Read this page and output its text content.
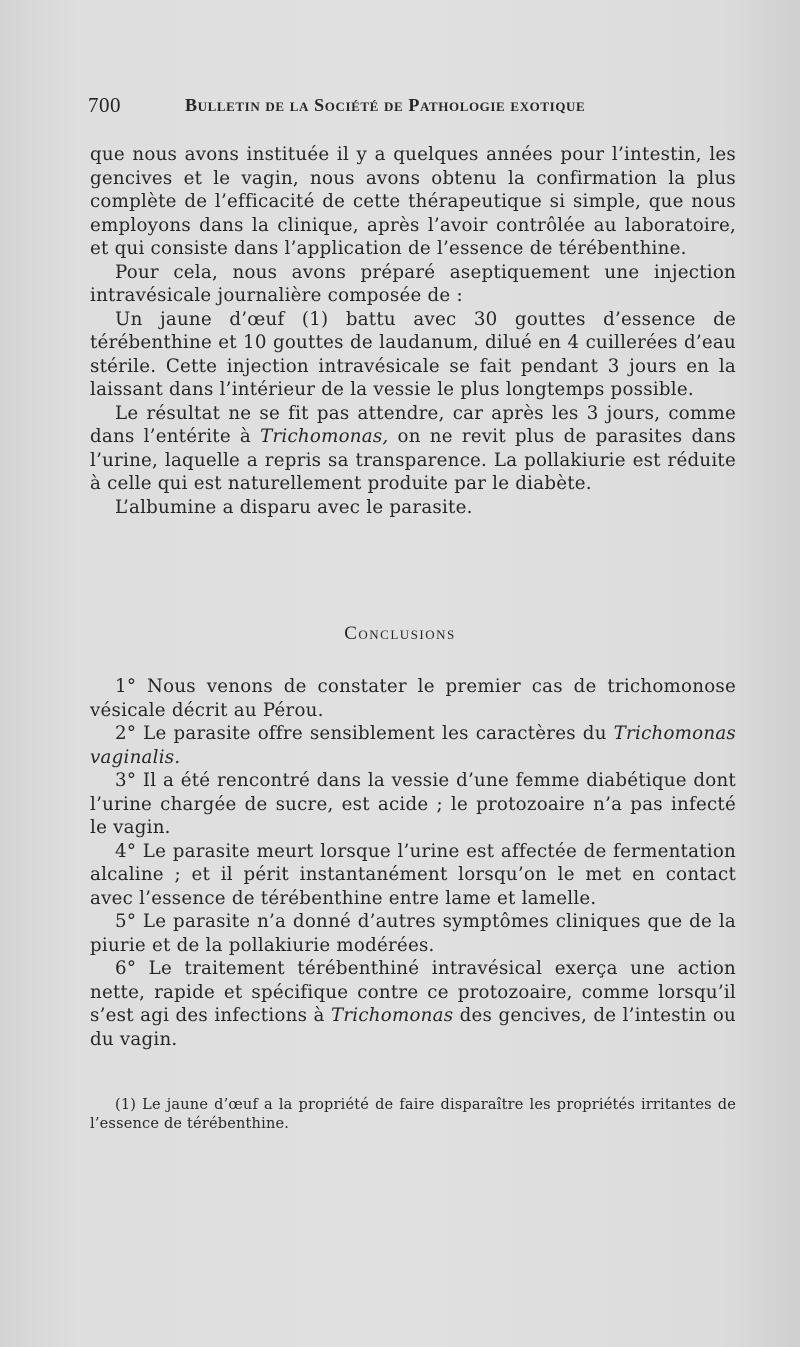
700	Bulletin de la Société de Pathologie exotique

que nous avons instituée il y a quelques années pour l’intestin, les gencives et le vagin, nous avons obtenu la confirmation la plus complète de l’efficacité de cette thérapeutique si simple, que nous employons dans la clinique, après l’avoir contrôlée au laboratoire, et qui consiste dans l’application de l’essence de térébenthine.

Pour cela, nous avons préparé aseptiquement une injection intravésicale journalière composée de :

Un jaune d’œuf (1) battu avec 30 gouttes d’essence de térébenthine et 10 gouttes de laudanum, dilué en 4 cuillerées d’eau stérile. Cette injection intravésicale se fait pendant 3 jours en la laissant dans l’intérieur de la vessie le plus longtemps possible.

Le résultat ne se fit pas attendre, car après les 3 jours, comme dans l’entérite à Trichomonas, on ne revit plus de parasites dans l’urine, laquelle a repris sa transparence. La pollakiurie est réduite à celle qui est naturellement produite par le diabète.

L’albumine a disparu avec le parasite.

Conclusions

1° Nous venons de constater le premier cas de trichomonose vésicale décrit au Pérou.

2° Le parasite offre sensiblement les caractères du Trichomonas vaginalis.

3° Il a été rencontré dans la vessie d’une femme diabétique dont l’urine chargée de sucre, est acide ; le protozoaire n’a pas infecté le vagin.

4° Le parasite meurt lorsque l’urine est affectée de fermentation alcaline ; et il périt instantanément lorsqu’on le met en contact avec l’essence de térébenthine entre lame et lamelle.

5° Le parasite n’a donné d’autres symptômes cliniques que de la piurie et de la pollakiurie modérées.

6° Le traitement térébenthiné intravésical exerça une action nette, rapide et spécifique contre ce protozoaire, comme lorsqu’il s’est agi des infections à Trichomonas des gencives, de l’intestin ou du vagin.

(1) Le jaune d’œuf a la propriété de faire disparaître les propriétés irritantes de l’essence de térébenthine.
